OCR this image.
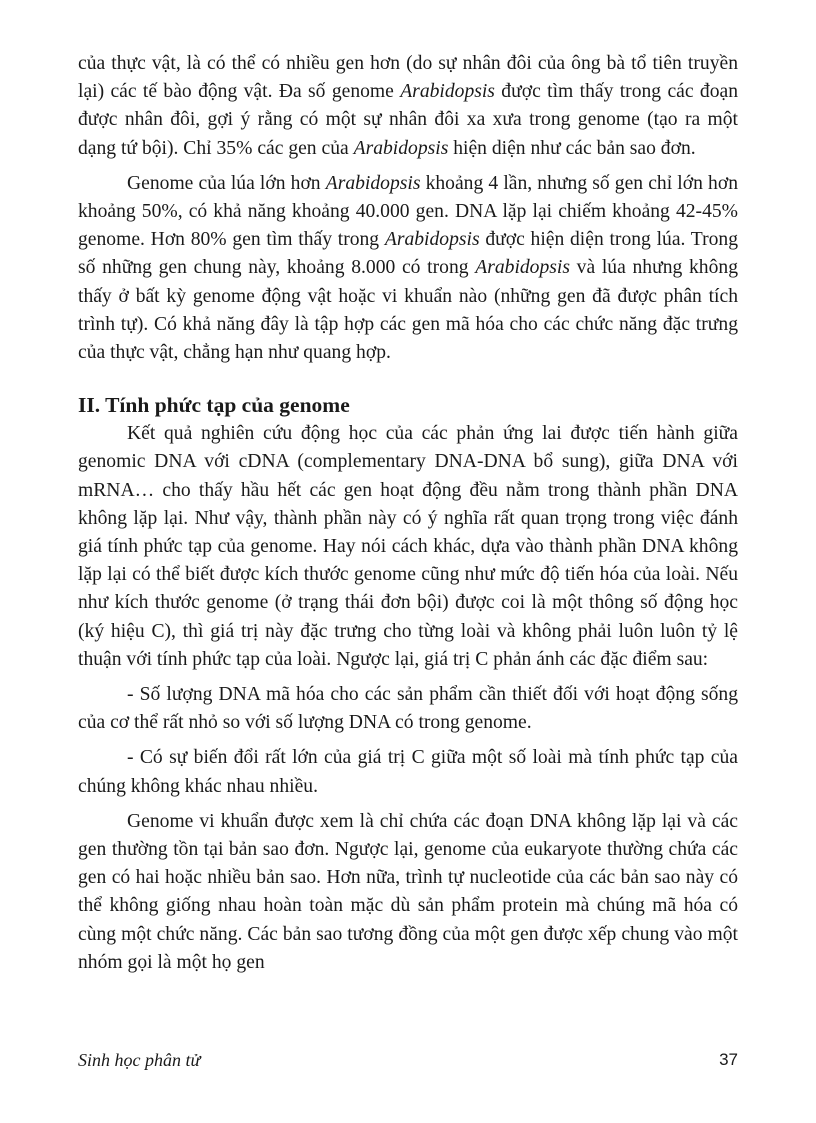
của thực vật, là có thể có nhiều gen hơn (do sự nhân đôi của ông bà tổ tiên truyền lại) các tế bào động vật. Đa số genome Arabidopsis được tìm thấy trong các đoạn được nhân đôi, gợi ý rằng có một sự nhân đôi xa xưa trong genome (tạo ra một dạng tứ bội). Chỉ 35% các gen của Arabidopsis hiện diện như các bản sao đơn.

Genome của lúa lớn hơn Arabidopsis khoảng 4 lần, nhưng số gen chỉ lớn hơn khoảng 50%, có khả năng khoảng 40.000 gen. DNA lặp lại chiếm khoảng 42-45% genome. Hơn 80% gen tìm thấy trong Arabidopsis được hiện diện trong lúa. Trong số những gen chung này, khoảng 8.000 có trong Arabidopsis và lúa nhưng không thấy ở bất kỳ genome động vật hoặc vi khuẩn nào (những gen đã được phân tích trình tự). Có khả năng đây là tập hợp các gen mã hóa cho các chức năng đặc trưng của thực vật, chẳng hạn như quang hợp.

II. Tính phức tạp của genome

Kết quả nghiên cứu động học của các phản ứng lai được tiến hành giữa genomic DNA với cDNA (complementary DNA-DNA bổ sung), giữa DNA với mRNA… cho thấy hầu hết các gen hoạt động đều nằm trong thành phần DNA không lặp lại. Như vậy, thành phần này có ý nghĩa rất quan trọng trong việc đánh giá tính phức tạp của genome. Hay nói cách khác, dựa vào thành phần DNA không lặp lại có thể biết được kích thước genome cũng như mức độ tiến hóa của loài. Nếu như kích thước genome (ở trạng thái đơn bội) được coi là một thông số động học (ký hiệu C), thì giá trị này đặc trưng cho từng loài và không phải luôn luôn tỷ lệ thuận với tính phức tạp của loài. Ngược lại, giá trị C phản ánh các đặc điểm sau:

- Số lượng DNA mã hóa cho các sản phẩm cần thiết đối với hoạt động sống của cơ thể rất nhỏ so với số lượng DNA có trong genome.

- Có sự biến đổi rất lớn của giá trị C giữa một số loài mà tính phức tạp của chúng không khác nhau nhiều.

Genome vi khuẩn được xem là chỉ chứa các đoạn DNA không lặp lại và các gen thường tồn tại bản sao đơn. Ngược lại, genome của eukaryote thường chứa các gen có hai hoặc nhiều bản sao. Hơn nữa, trình tự nucleotide của các bản sao này có thể không giống nhau hoàn toàn mặc dù sản phẩm protein mà chúng mã hóa có cùng một chức năng. Các bản sao tương đồng của một gen được xếp chung vào một nhóm gọi là một họ gen

Sinh học phân tử	37
